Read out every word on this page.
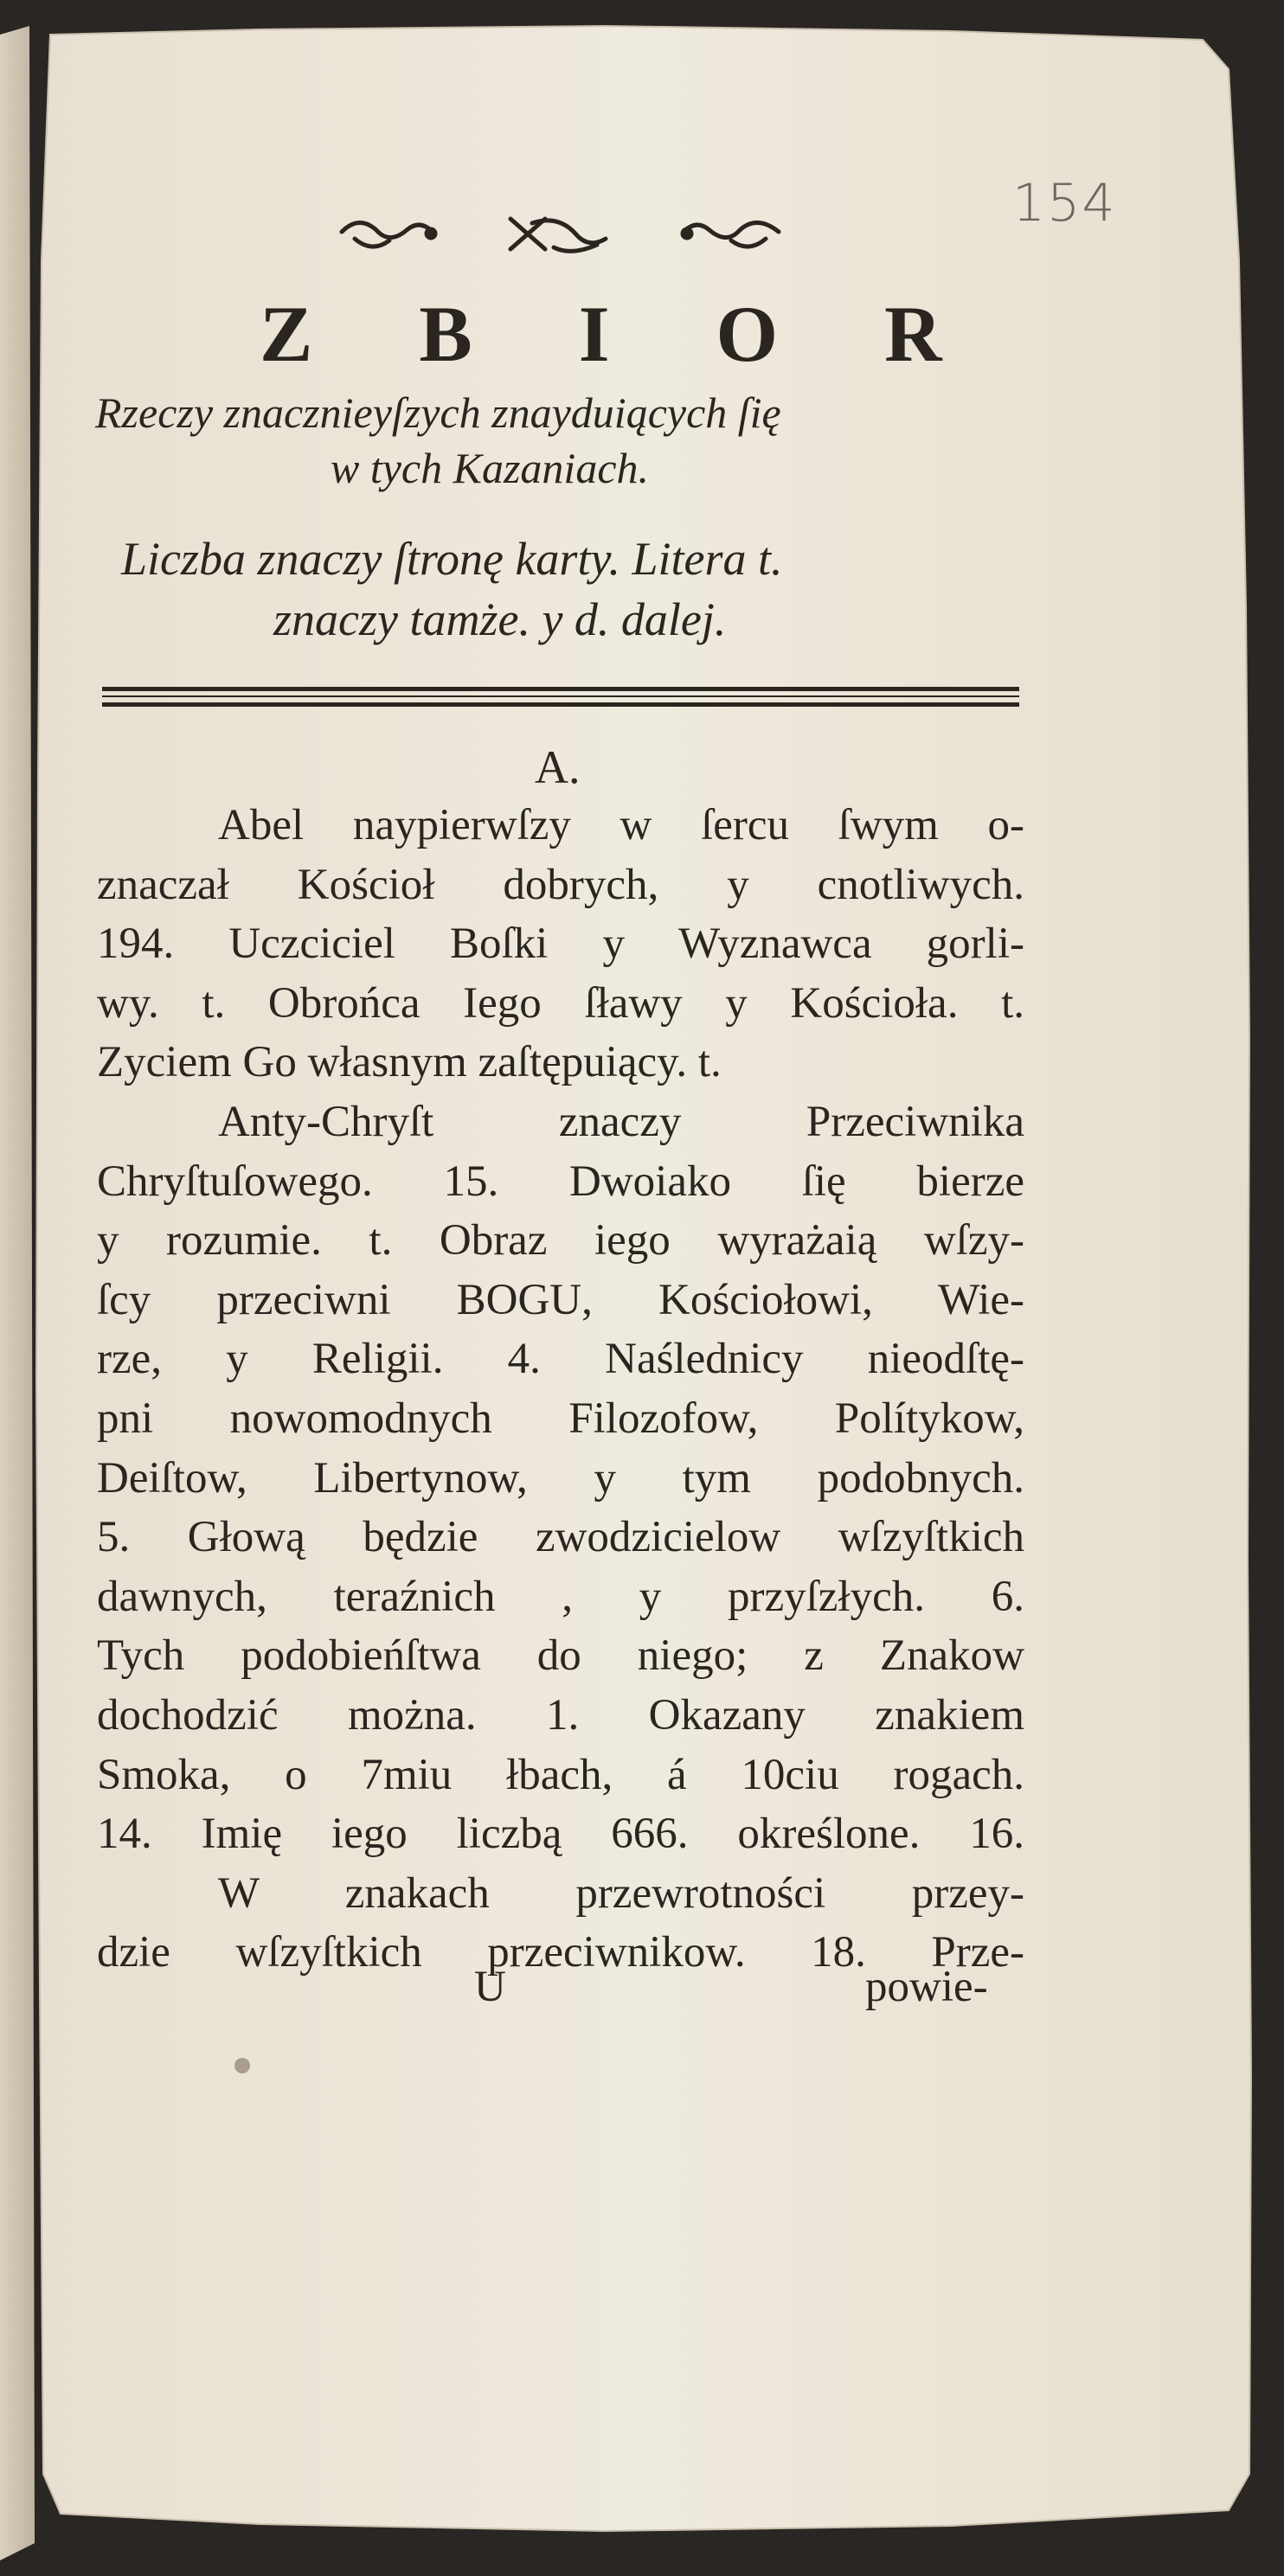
154
Z B I O R

Rzeczy znacznieyſzych znayduiących ſię

w tych Kazaniach.

Liczba znaczy ſtronę karty. Litera t.

znaczy tamże. y d. dalej.

A.
Abel naypierwſzy w ſercu ſwym o-
znaczał Kościoł dobrych, y cnotliwych.
194. Uczciciel Boſki y Wyznawca gorli-
wy. t. Obrońca Iego ſławy y Kościoła. t.
Zyciem Go własnym zaſtępuiący. t.
Anty-Chryſt znaczy Przeciwnika
Chryſtuſowego. 15. Dwoiako ſię bierze
y rozumie. t. Obraz iego wyrażaią wſzy-
ſcy przeciwni BOGU, Kościołowi, Wie-
rze, y Religii. 4. Naślednicy nieodſtę-
pni nowomodnych Filozofow, Polítykow,
Deiſtow, Libertynow, y tym podobnych.
5. Głową będzie zwodzicielow wſzyſtkich
dawnych, teraźnich , y przyſzłych. 6.
Tych podobieńſtwa do niego; z Znakow
dochodzić można. 1. Okazany znakiem
Smoka, o 7miu łbach, á 10ciu rogach.
14. Imię iego liczbą 666. określone. 16.
W znakach przewrotności przey-
dzie wſzyſtkich przeciwnikow. 18. Prze-
U	powie-
